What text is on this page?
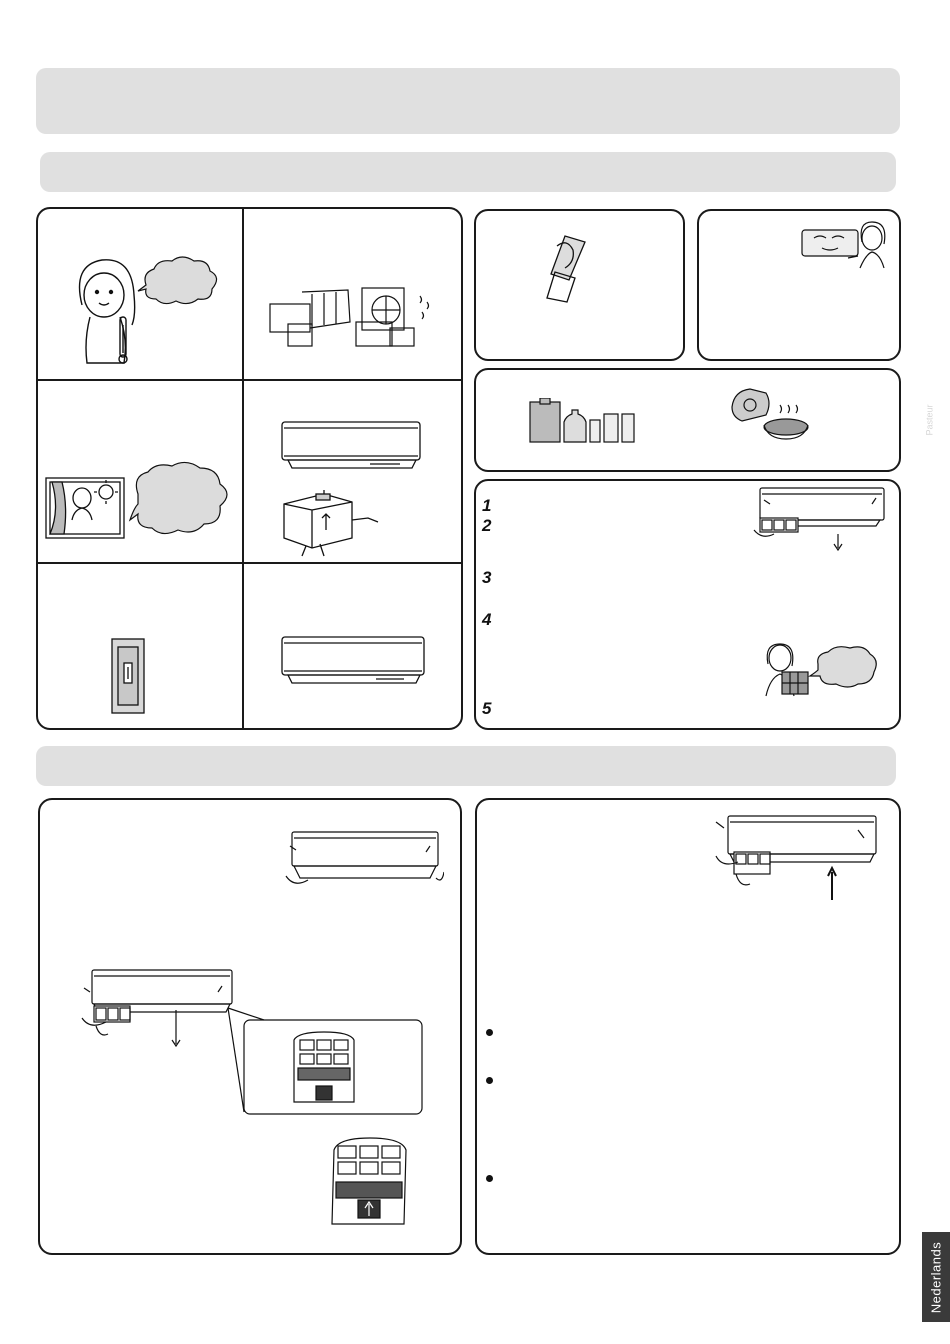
1
2
3
4
5
Pasteur
Nederlands
